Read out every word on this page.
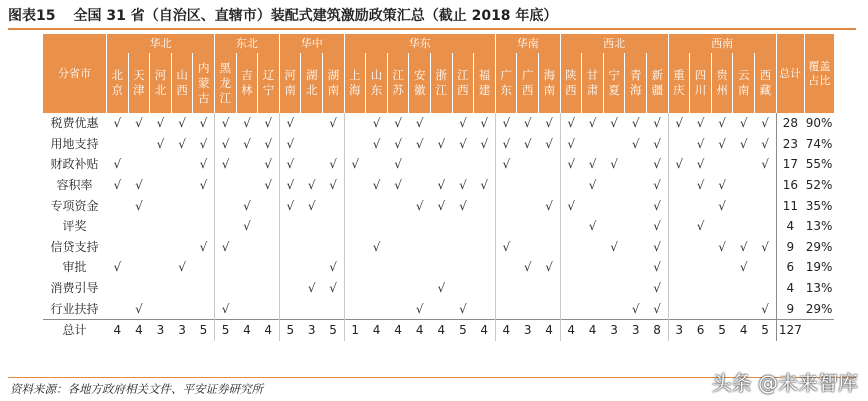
图表15 全国 31 省（自治区、直辖市）装配式建筑激励政策汇总（截止 2018 年底）
分省市	华北					东北			华中			华东							华南			西北					西南					总计	覆盖占比
	北京	天津	河北	山西	内蒙古	黑龙江	吉林	辽宁	河南	湖北	湖南	上海	山东	江苏	安徽	浙江	江西	福建	广东	广西	海南	陕西	甘肃	宁夏	青海	新疆	重庆	四川	贵州	云南	西藏		
税费优惠	√	√	√	√	√	√	√	√	√		√		√	√	√		√	√	√	√	√	√	√	√	√	√	√	√	√	√	√	28	90%
用地支持			√	√	√	√	√	√	√				√	√	√	√	√	√	√	√	√	√			√	√		√	√	√	√	23	74%
财政补贴	√				√	√		√	√		√	√		√					√			√	√	√		√	√	√			√	17	55%
容积率	√	√			√			√	√	√	√		√	√		√	√	√					√			√		√	√			16	52%
专项资金		√					√		√	√					√	√	√				√	√				√			√			11	35%
评奖							√																√			√		√				4	13%
信贷支持					√	√							√						√					√		√			√	√	√	9	29%
审批	√			√							√									√	√					√				√		6	19%
消费引导										√	√					√										√						4	13%
行业扶持		√				√									√		√								√	√					√	9	29%
总计	4	4	3	3	5	5	4	4	5	3	5	1	4	4	4	4	5	4	4	3	4	4	4	3	3	8	3	6	5	4	5	127	
资料来源：各地方政府相关文件、平安证券研究所	头条 @未来智库
